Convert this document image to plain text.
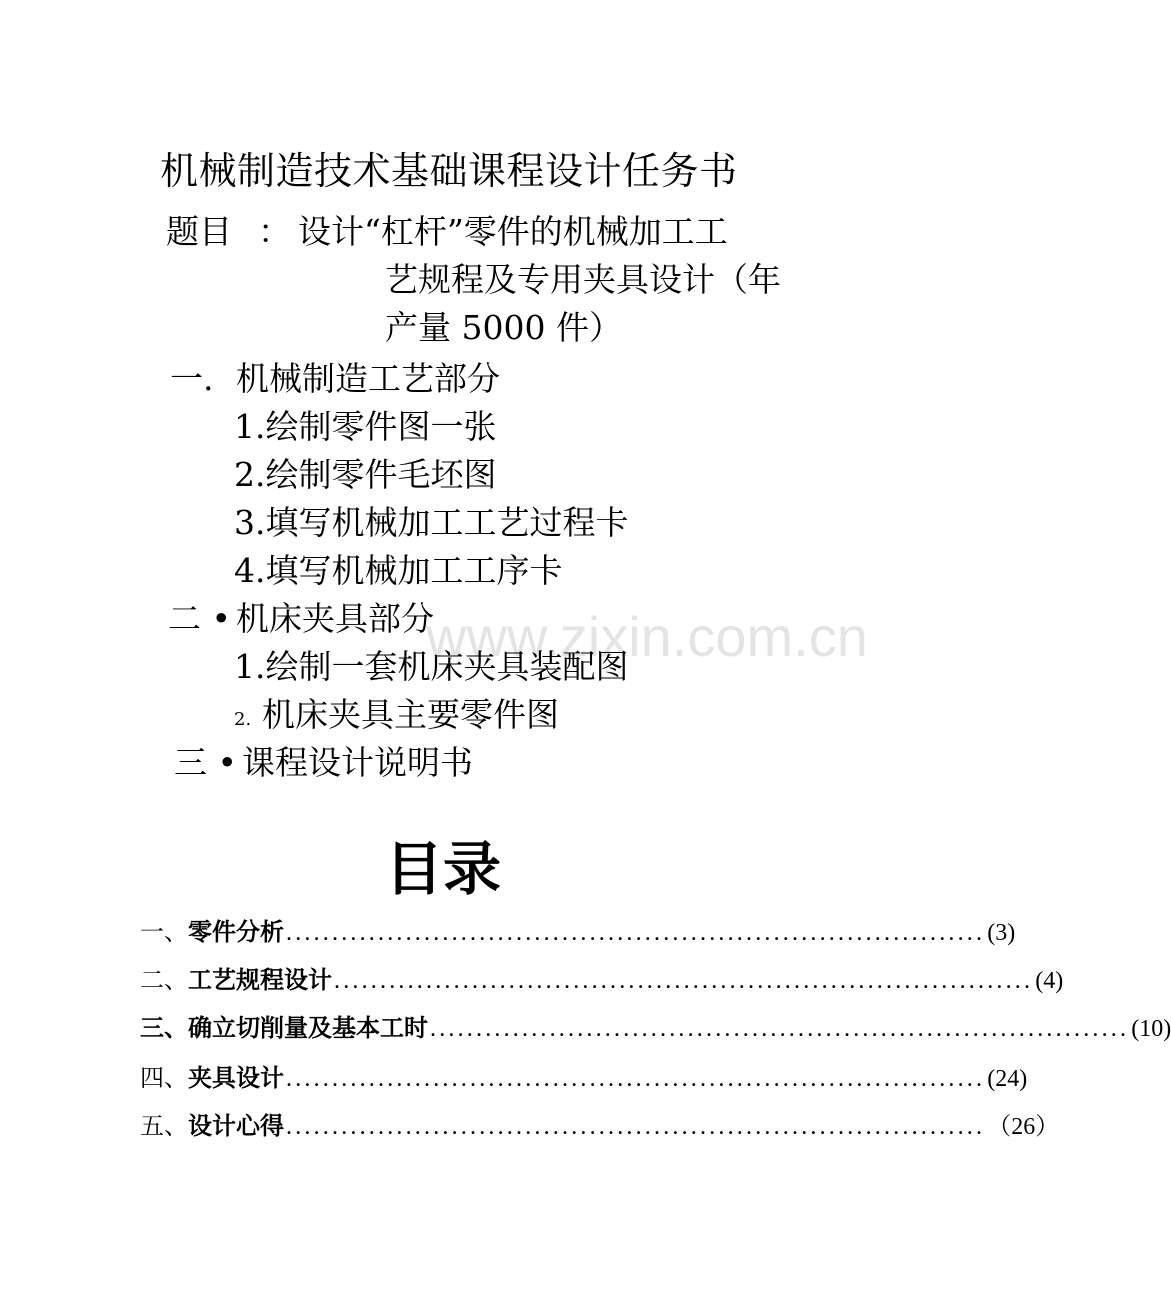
机械制造技术基础课程设计任务书
题目 ： 设计“杠杆”零件的机械加工工
艺规程及专用夹具设计（年
产量 5000 件）
一. 机械制造工艺部分
1.绘制零件图一张
2.绘制零件毛坯图
3.填写机械加工工艺过程卡
4.填写机械加工工序卡
二 • 机床夹具部分
www.zixin.com.cn
1.绘制一套机床夹具装配图
2. 机床夹具主要零件图
三 • 课程设计说明书
目录
一、零件分析 ............................................................................ (3)
二、工艺规程设计 ............................................................................ (4)
三、确立切削量及基本工时 ............................................................................ (10)
四、夹具设计 ............................................................................ (24)
五、设计心得 ............................................................................ （26）
